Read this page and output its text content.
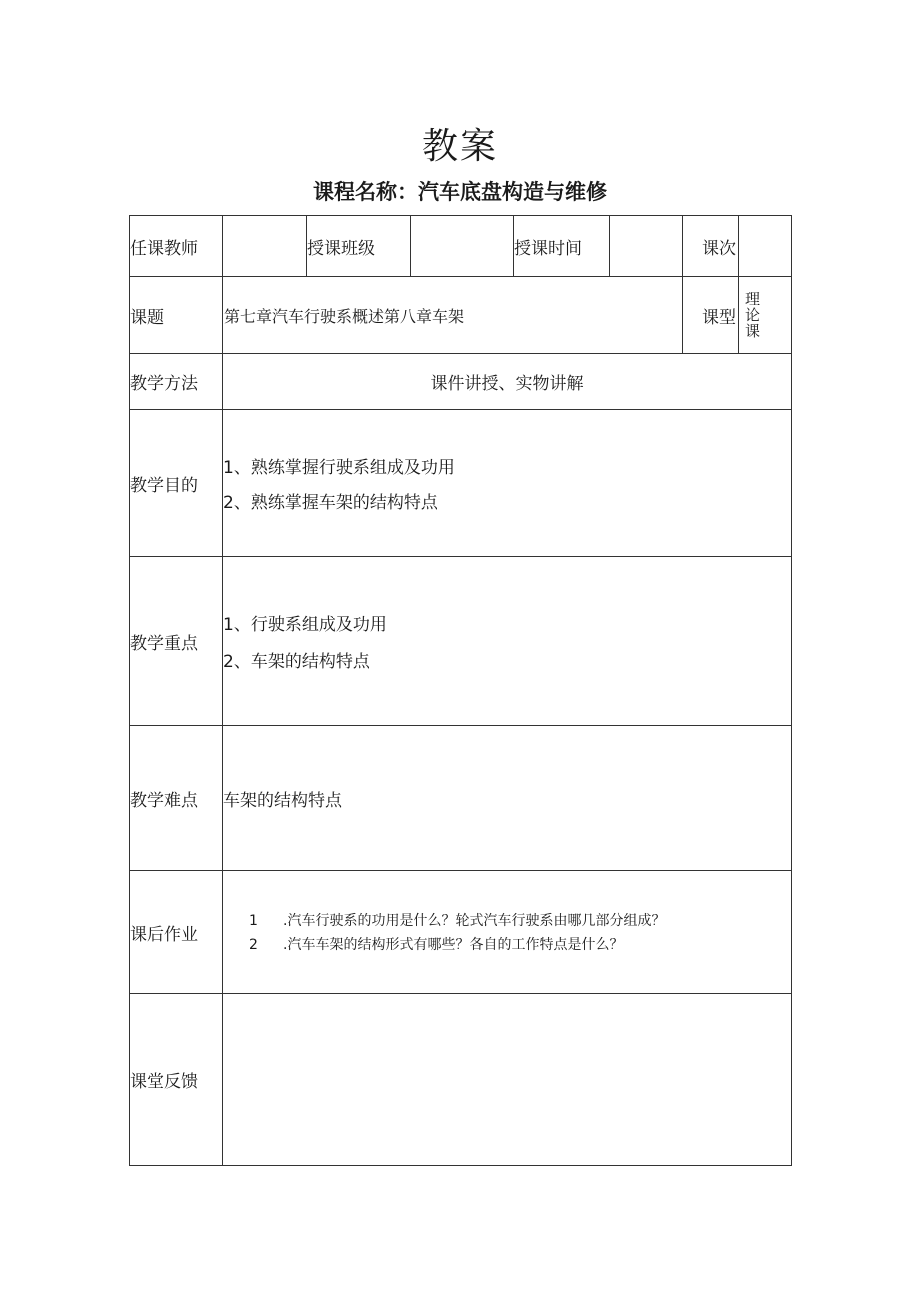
教案
课程名称：汽车底盘构造与维修
任课教师		授课班级		授课时间		课次	
课题	第七章汽车行驶系概述第八章车架					课型	理
论
课

教学方法	课件讲授、实物讲解						
教学目的	1、熟练掌握行驶系组成及功用
2、熟练掌握车架的结构特点						

教学重点	1、行驶系组成及功用
2、车架的结构特点						

教学难点	车架的结构特点						
课后作业	1 .汽车行驶系的功用是什么？轮式汽车行驶系由哪几部分组成？
2 .汽车车架的结构形式有哪些？各自的工作特点是什么？						

课堂反馈							
